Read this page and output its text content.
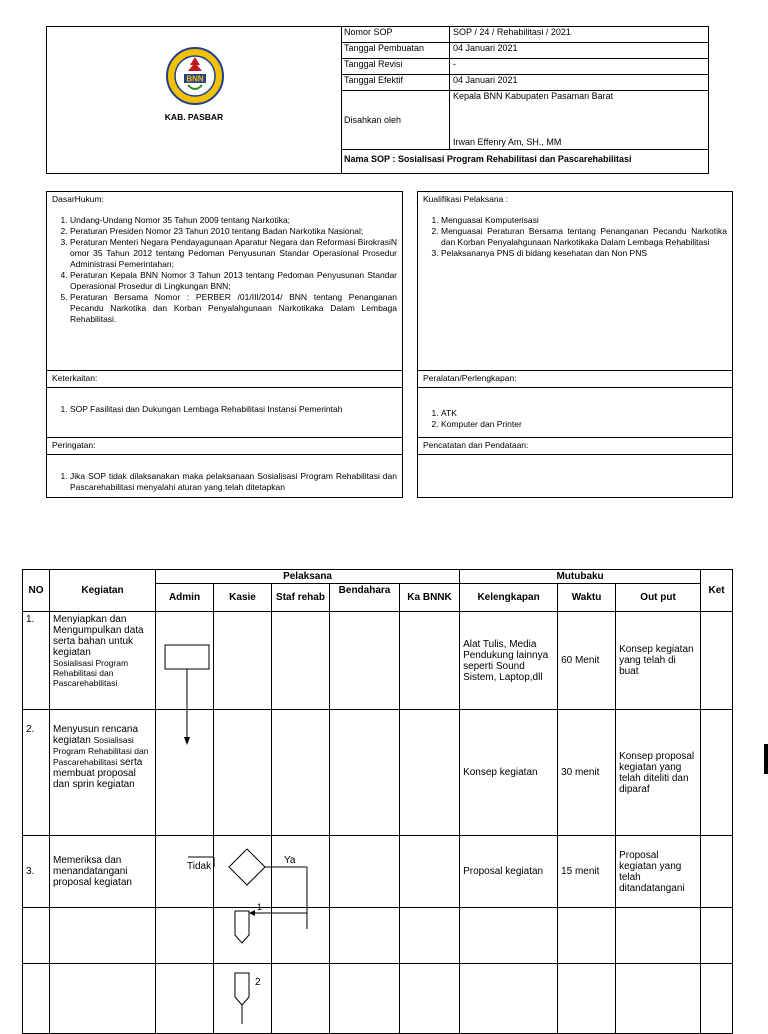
BNN
KAB. PASBAR
Nomor SOP	SOP / 24 / Rehabilitasi / 2021
Tanggal Pembuatan	04 Januari 2021
Tanggal Revisi	-
Tanggal Efektif	04 Januari 2021
Disahkan oleh	Kepala BNN Kabupaten Pasaman Barat
Irwan Effenry Am, SH., MM

Nama SOP : Sosialisasi Program Rehabilitasi dan Pascarehabilitasi	
DasarHukum:
1. Undang-Undang Nomor 35 Tahun 2009 tentang Narkotika;
2. Peraturan Presiden Nomor 23 Tahun 2010 tentang Badan Narkotika Nasional;
3. Peraturan Menteri Negara Pendayagunaan Aparatur Negara dan Reformasi BirokrasiN omor 35 Tahun 2012 tentang Pedoman Penyusunan Standar Operasional Prosedur Administrasi Pemerintahan;
4. Peraturan Kepala BNN Nomor 3 Tahun 2013 tentang Pedoman Penyusunan Standar Operasional Prosedur di Lingkungan BNN;
5. Peraturan Bersama Nomor : PERBER /01/III/2014/ BNN tentang Penanganan Pecandu Narkotika dan Korban Penyalahgunaan Narkotikaka Dalam Lembaga Rehabilitasi.
Keterkaitan:
1. SOP Fasilitasi dan Dukungan Lembaga Rehabilitasi Instansi Pemerintah
Peringatan:
1. Jika SOP tidak dilaksanakan maka pelaksanaan Sosialisasi Program Rehabilitasi dan Pascarehabilitasi menyalahi aturan yang telah ditetapkan
Kualifikasi Pelaksana :
1. Menguasai Komputerisasi
2. Menguasai Peraturan Bersama tentang Penanganan Pecandu Narkotika dan Korban Penyalahgunaan Narkotikaka Dalam Lembaga Rehabilitasi
3. Pelaksananya PNS di bidang kesehatan dan Non PNS
Peralatan/Perlengkapan:
1. ATK
2. Komputer dan Printer
Pencatatan dan Pendataan:
NO	Kegiatan	Pelaksana					Mutubaku			Ket
		Admin	Kasie	Staf rehab	Bendahara	Ka BNNK	Kelengkapan	Waktu	Out put	
1.	Menyiapkan dan Mengumpulkan data serta bahan untuk kegiatan
Sosialisasi Program Rehabilitasi dan Pascarehabilitasi						Alat Tulis, Media Pendukung lainnya seperti Sound Sistem, Laptop,dll	60 Menit	Konsep kegiatan yang telah di buat	
2.	Menyusun rencana kegiatan Sosialisasi Program Rehabilitasi dan Pascarehabilitasi serta membuat proposal dan sprin kegiatan						Konsep kegiatan	30 menit	Konsep proposal kegiatan yang telah diteliti dan diparaf	
3.	Memeriksa dan menandatangani proposal kegiatan						Proposal kegiatan	15 menit	Proposal kegiatan yang telah ditandatangani	

Tidak
Ya
1
2
